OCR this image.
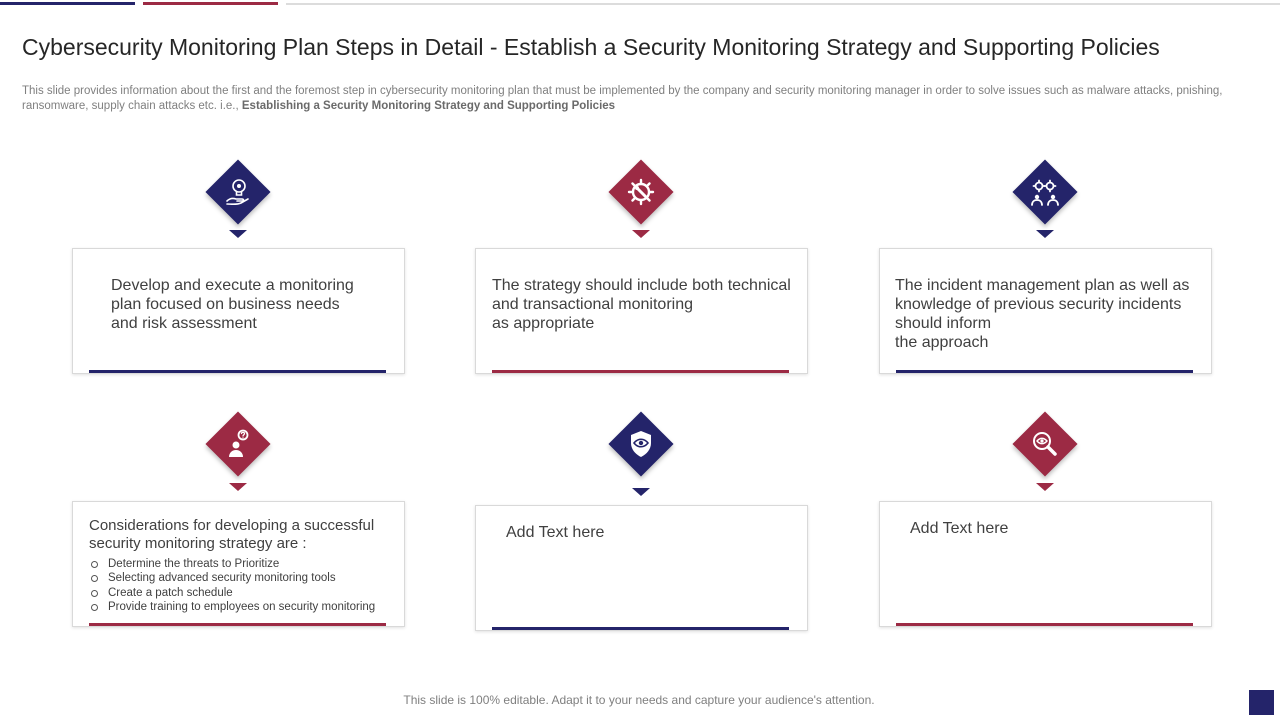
Cybersecurity Monitoring Plan Steps in Detail - Establish a Security Monitoring Strategy and Supporting Policies

This slide provides information about the first and the foremost step in cybersecurity monitoring plan that must be implemented by the company and security monitoring manager in order to solve issues such as malware attacks, pnishing, ransomware, supply chain attacks etc. i.e., Establishing a Security Monitoring Strategy and Supporting Policies

Develop and execute a monitoring
plan focused on business needs
and risk assessment
The strategy should include both technical
and transactional monitoring
as appropriate
The incident management plan as well as
knowledge of previous security incidents
should inform
the approach
Considerations for developing a successful
security monitoring strategy are :
Determine the threats to Prioritize
Selecting advanced security monitoring tools
Create a patch schedule
Provide training to employees on security monitoring
Add Text here	Add Text here
This slide is 100% editable. Adapt it to your needs and capture your audience's attention.
